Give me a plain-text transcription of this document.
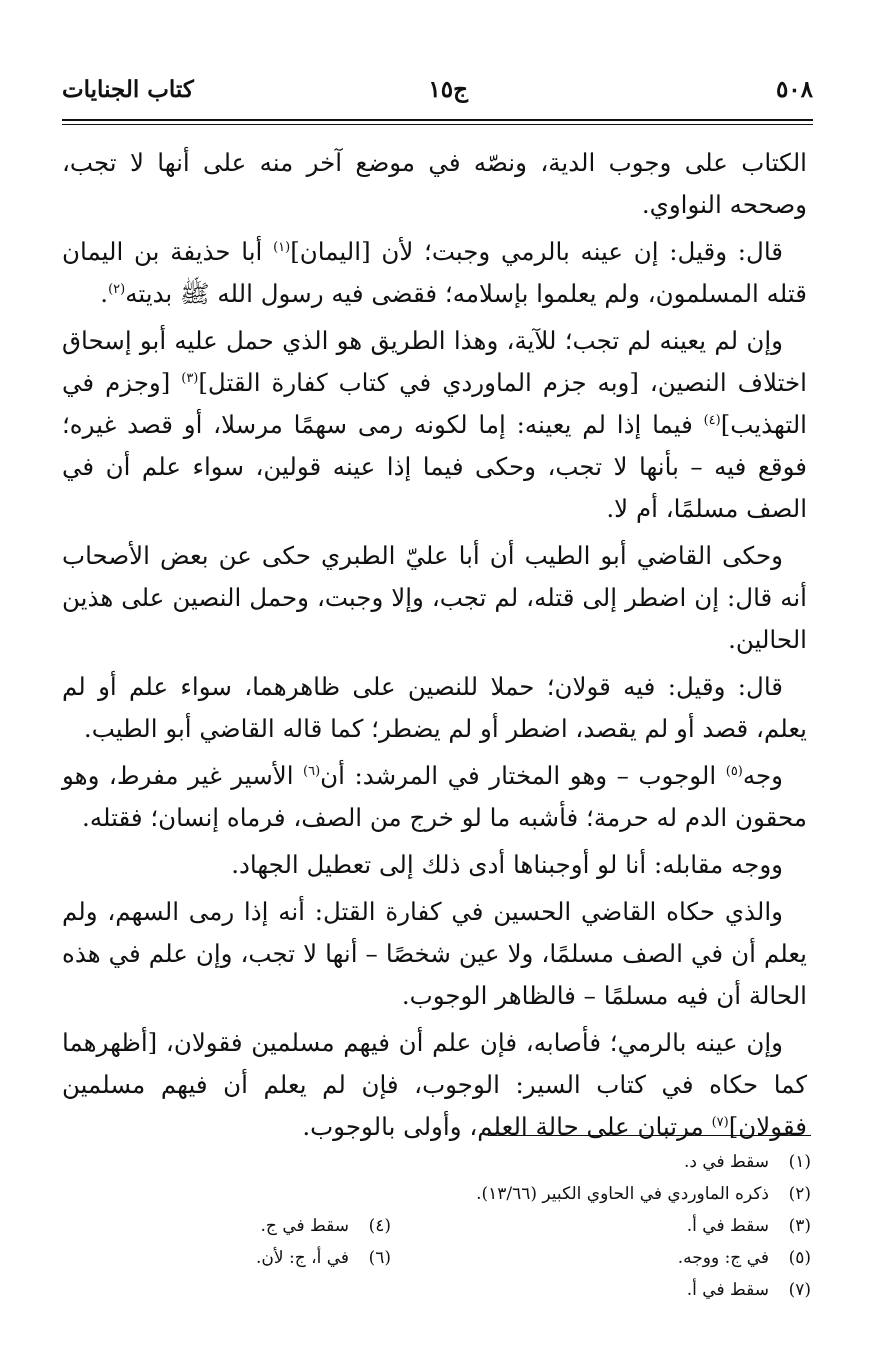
٥٠٨
ج١٥
كتاب الجنايات

الكتاب على وجوب الدية، ونصّه في موضع آخر منه على أنها لا تجب، وصححه النواوي.

قال: وقيل: إن عينه بالرمي وجبت؛ لأن [اليمان]$^{(١)}$ أبا حذيفة بن اليمان قتله المسلمون، ولم يعلموا بإسلامه؛ فقضى فيه رسول الله ﷺ بديته$^{(٢)}$.

وإن لم يعينه لم تجب؛ للآية، وهذا الطريق هو الذي حمل عليه أبو إسحاق اختلاف النصين، [وبه جزم الماوردي في كتاب كفارة القتل]$^{(٣)}$ [وجزم في التهذيب]$^{(٤)}$ فيما إذا لم يعينه: إما لكونه رمى سهمًا مرسلا، أو قصد غيره؛ فوقع فيه – بأنها لا تجب، وحكى فيما إذا عينه قولين، سواء علم أن في الصف مسلمًا، أم لا.

وحكى القاضي أبو الطيب أن أبا عليّ الطبري حكى عن بعض الأصحاب أنه قال: إن اضطر إلى قتله، لم تجب، وإلا وجبت، وحمل النصين على هذين الحالين.

قال: وقيل: فيه قولان؛ حملا للنصين على ظاهرهما، سواء علم أو لم يعلم، قصد أو لم يقصد، اضطر أو لم يضطر؛ كما قاله القاضي أبو الطيب.

وجه$^{(٥)}$ الوجوب – وهو المختار في المرشد: أن$^{(٦)}$ الأسير غير مفرط، وهو محقون الدم له حرمة؛ فأشبه ما لو خرج من الصف، فرماه إنسان؛ فقتله.

ووجه مقابله: أنا لو أوجبناها أدى ذلك إلى تعطيل الجهاد.

والذي حكاه القاضي الحسين في كفارة القتل: أنه إذا رمى السهم، ولم يعلم أن في الصف مسلمًا، ولا عين شخصًا – أنها لا تجب، وإن علم في هذه الحالة أن فيه مسلمًا – فالظاهر الوجوب.

وإن عينه بالرمي؛ فأصابه، فإن علم أن فيهم مسلمين فقولان، [أظهرهما كما حكاه في كتاب السير: الوجوب، فإن لم يعلم أن فيهم مسلمين فقولان]$^{(٧)}$ مرتبان على حالة العلم، وأولى بالوجوب.

(١)سقط في د.
(٢)ذكره الماوردي في الحاوي الكبير (١٣/٦٦).
(٣)سقط في أ.(٤)سقط في ج.
(٥)في ج: ووجه.(٦)في أ، ج: لأن.
(٧)سقط في أ.
